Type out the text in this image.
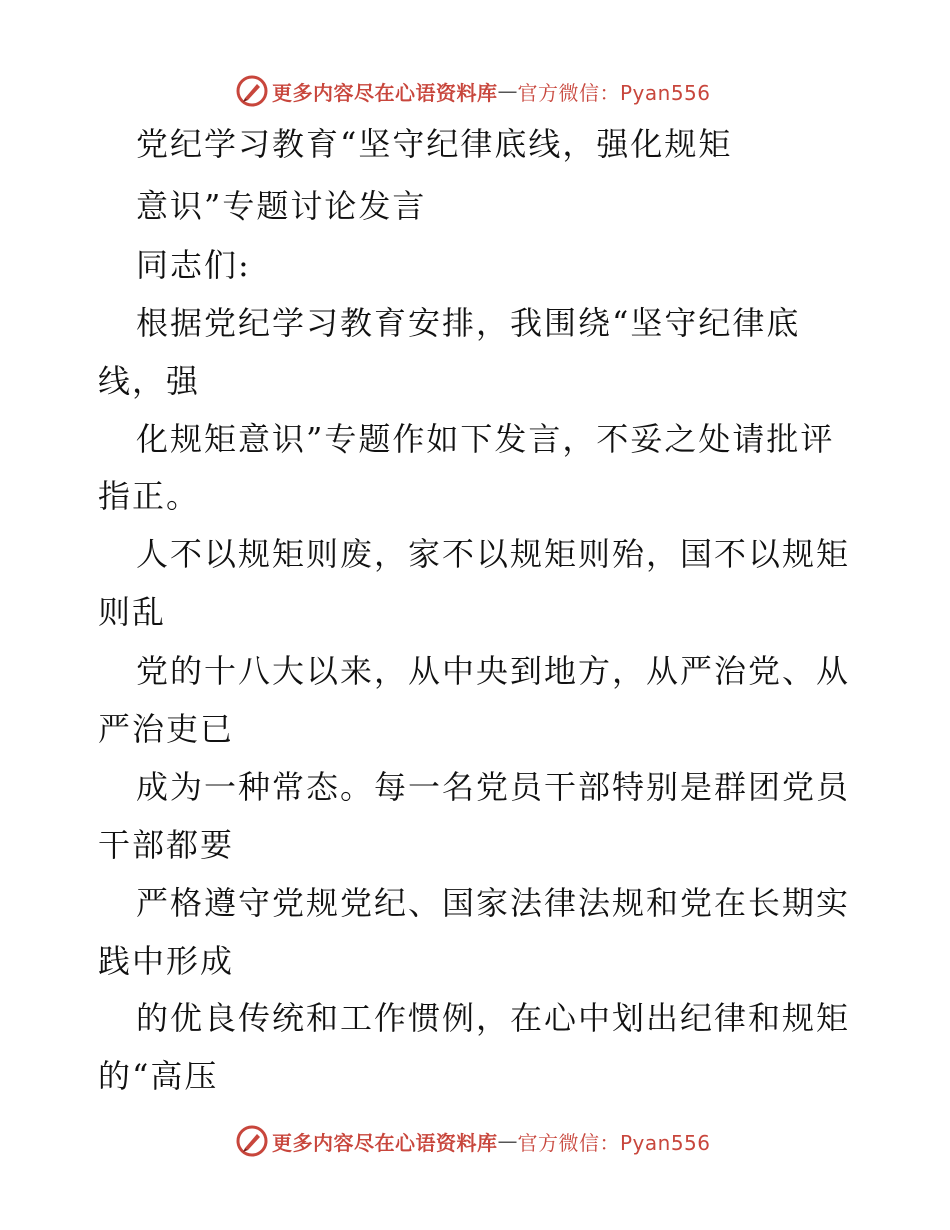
更多内容尽在心语资料库 — 官方微信：Pyan556
党纪学习教育“坚守纪律底线，强化规矩
意识”专题讨论发言
同志们:
根据党纪学习教育安排，我围绕“坚守纪律底
线，强
化规矩意识”专题作如下发言，不妥之处请批评
指正。
人不以规矩则废，家不以规矩则殆，国不以规矩
则乱
党的十八大以来，从中央到地方，从严治党、从
严治吏已
成为一种常态。每一名党员干部特别是群团党员
干部都要
严格遵守党规党纪、国家法律法规和党在长期实
践中形成
的优良传统和工作惯例，在心中划出纪律和规矩
的“高压
更多内容尽在心语资料库 — 官方微信：Pyan556
